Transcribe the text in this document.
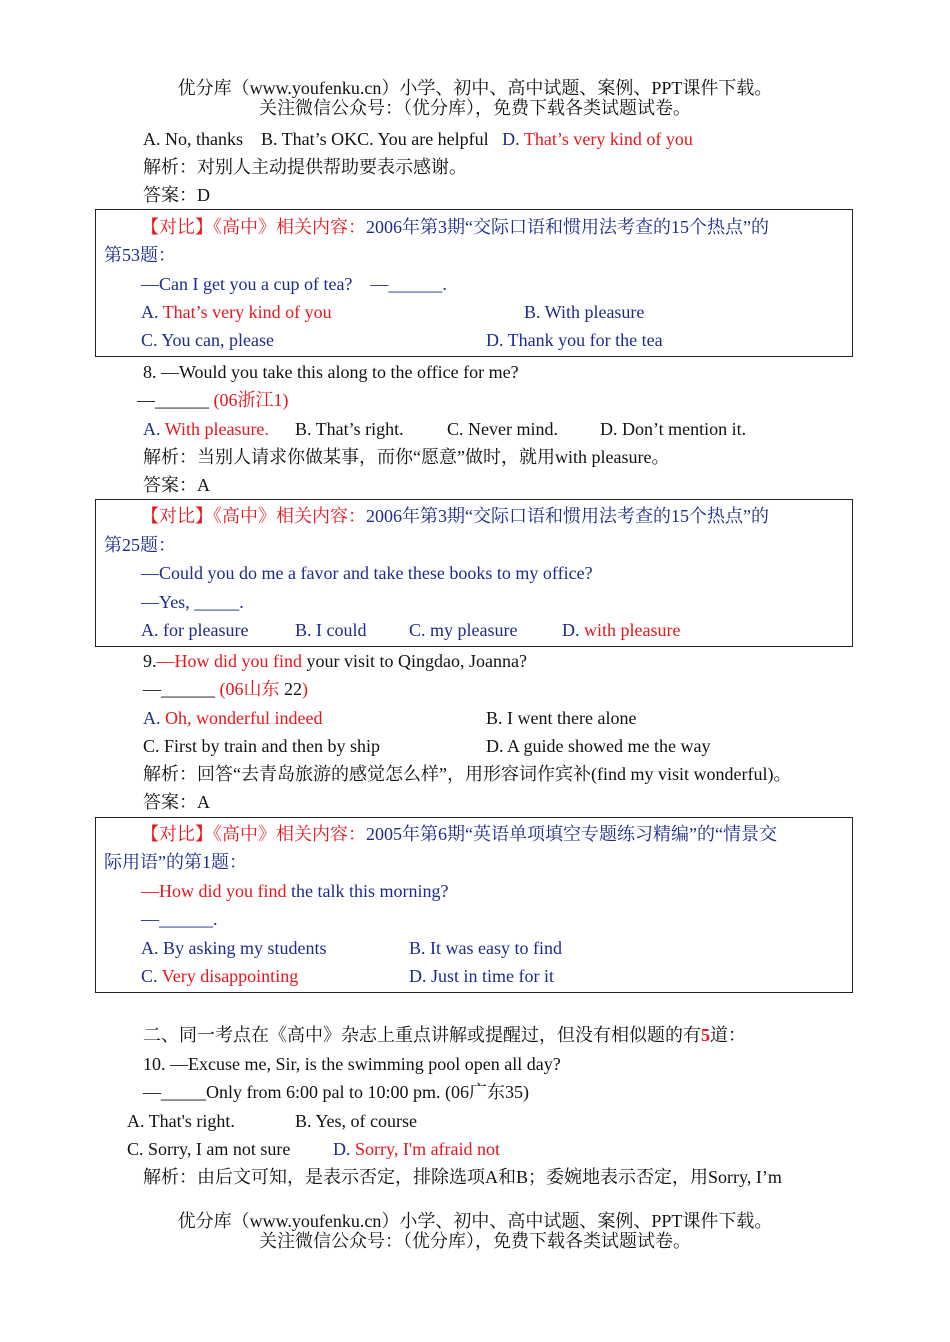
优分库（www.youfenku.cn）小学、初中、高中试题、案例、PPT课件下载。
关注微信公众号：（优分库），免费下载各类试题试卷。
A. No, thanks B. That’s OKC. You are helpful D. That’s very kind of you
解析：对别人主动提供帮助要表示感谢。
答案：D
【对比】《高中》相关内容：2006年第3期“交际口语和惯用法考查的15个热点”的
第53题：
—Can I get you a cup of tea?　—______.
A. That’s very kind of you	B. With pleasure
C. You can, please	D. Thank you for the tea
8. —Would you take this along to the office for me?
—______ (06浙江1)
A. With pleasure. B. That’s right. C. Never mind. D. Don’t mention it.
解析：当别人请求你做某事，而你“愿意”做时，就用with pleasure。
答案：A
【对比】《高中》相关内容：2006年第3期“交际口语和惯用法考查的15个热点”的
第25题：
—Could you do me a favor and take these books to my office?
—Yes, _____.
A. for pleasure	B. I could C. my pleasure D. with pleasure
9.—How did you find your visit to Qingdao, Joanna?
—______ (06山东 22)
A. Oh, wonderful indeed	B. I went there alone
C. First by train and then by ship	D. A guide showed me the way
解析：回答“去青岛旅游的感觉怎么样”，用形容词作宾补(find my visit wonderful)。
答案：A
【对比】《高中》相关内容：2005年第6期“英语单项填空专题练习精编”的“情景交
际用语”的第1题：
—How did you find the talk this morning?
—______.
A. By asking my students	B. It was easy to find
C. Very disappointing	D. Just in time for it
二、同一考点在《高中》杂志上重点讲解或提醒过，但没有相似题的有5道：
10. —Excuse me, Sir, is the swimming pool open all day?
—_____Only from 6:00 pal to 10:00 pm. (06广东35)
A. That's right.	B. Yes, of course
C. Sorry, I am not sure D. Sorry, I'm afraid not
解析：由后文可知，是表示否定，排除选项A和B；委婉地表示否定，用Sorry, I’m
优分库（www.youfenku.cn）小学、初中、高中试题、案例、PPT课件下载。
关注微信公众号：（优分库），免费下载各类试题试卷。
